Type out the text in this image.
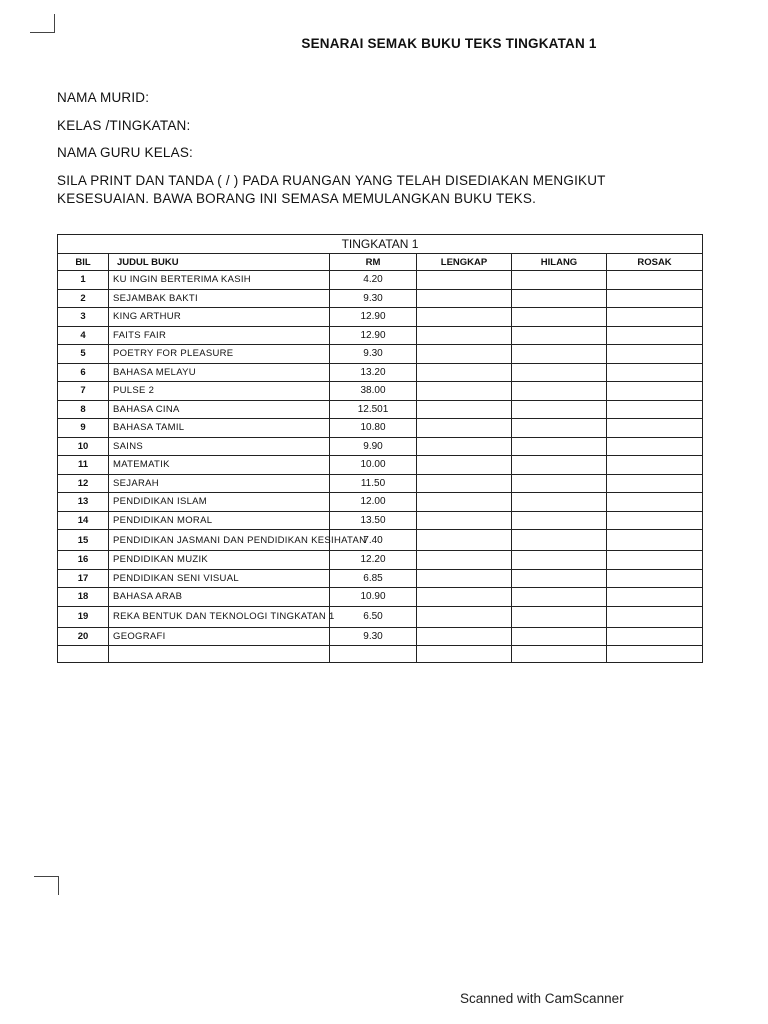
SENARAI SEMAK BUKU TEKS TINGKATAN 1
NAMA MURID:
KELAS /TINGKATAN:
NAMA GURU KELAS:
SILA PRINT DAN TANDA ( / ) PADA RUANGAN YANG TELAH DISEDIAKAN MENGIKUT
KESESUAIAN. BAWA BORANG INI SEMASA MEMULANGKAN BUKU TEKS.
TINGKATAN 1					
BIL	JUDUL BUKU	RM	LENGKAP	HILANG	ROSAK
1	KU INGIN BERTERIMA KASIH	4.20			
2	SEJAMBAK BAKTI	9.30			
3	KING ARTHUR	12.90			
4	FAITS FAIR	12.90			
5	POETRY FOR PLEASURE	9.30			
6	BAHASA MELAYU	13.20			
7	PULSE 2	38.00			
8	BAHASA CINA	12.501			
9	BAHASA TAMIL	10.80			
10	SAINS	9.90			
11	MATEMATIK	10.00			
12	SEJARAH	11.50			
13	PENDIDIKAN ISLAM	12.00			
14	PENDIDIKAN MORAL	13.50			
15	PENDIDIKAN JASMANI DAN PENDIDIKAN KESIHATAN	7.40			
16	PENDIDIKAN MUZIK	12.20			
17	PENDIDIKAN SENI VISUAL	6.85			
18	BAHASA ARAB	10.90			
19	REKA BENTUK DAN TEKNOLOGI TINGKATAN 1	6.50			
20	GEOGRAFI	9.30			

Scanned with CamScanner
